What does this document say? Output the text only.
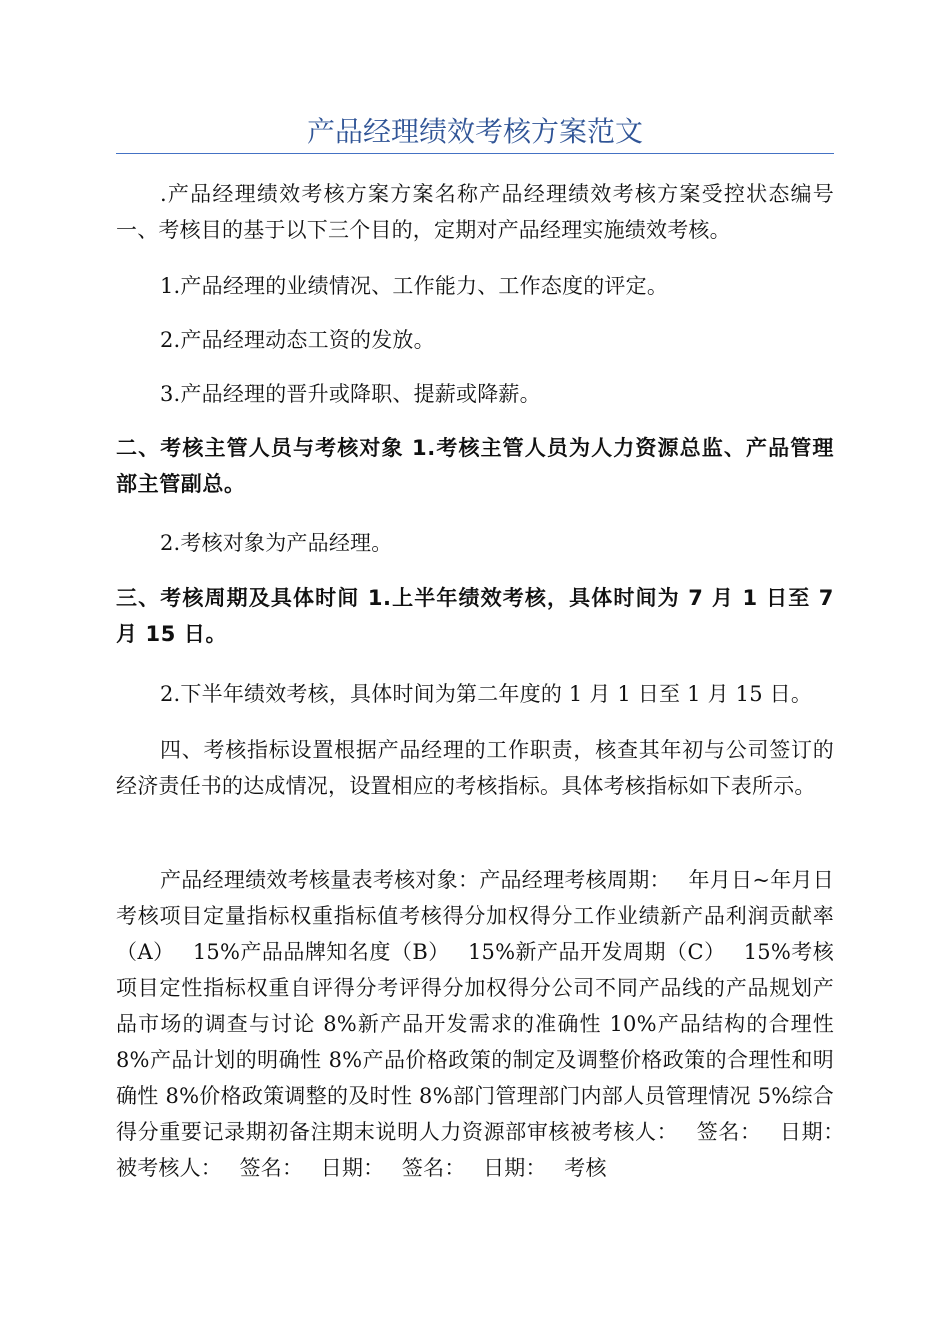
产品经理绩效考核方案范文

.产品经理绩效考核方案方案名称产品经理绩效考核方案受控状态编号一、考核目的基于以下三个目的，定期对产品经理实施绩效考核。

1.产品经理的业绩情况、工作能力、工作态度的评定。

2.产品经理动态工资的发放。

3.产品经理的晋升或降职、提薪或降薪。

二、考核主管人员与考核对象 1.考核主管人员为人力资源总监、产品管理部主管副总。

2.考核对象为产品经理。

三、考核周期及具体时间 1.上半年绩效考核，具体时间为 7 月 1 日至 7 月 15 日。

2.下半年绩效考核，具体时间为第二年度的 1 月 1 日至 1 月 15 日。

四、考核指标设置根据产品经理的工作职责，核查其年初与公司签订的经济责任书的达成情况，设置相应的考核指标。具体考核指标如下表所示。

产品经理绩效考核量表考核对象：产品经理考核周期：　 年月日~年月日考核项目定量指标权重指标值考核得分加权得分工作业绩新产品利润贡献率（A）　 15%产品品牌知名度（B）　 15%新产品开发周期（C）　 15%考核项目定性指标权重自评得分考评得分加权得分公司不同产品线的产品规划产品市场的调查与讨论 8%新产品开发需求的准确性 10%产品结构的合理性 8%产品计划的明确性 8%产品价格政策的制定及调整价格政策的合理性和明确性 8%价格政策调整的及时性 8%部门管理部门内部人员管理情况 5%综合得分重要记录期初备注期末说明人力资源部审核被考核人：　 签名：　 日期：　 被考核人：　 签名：　 日期：　 签名：　 日期：　 考核
